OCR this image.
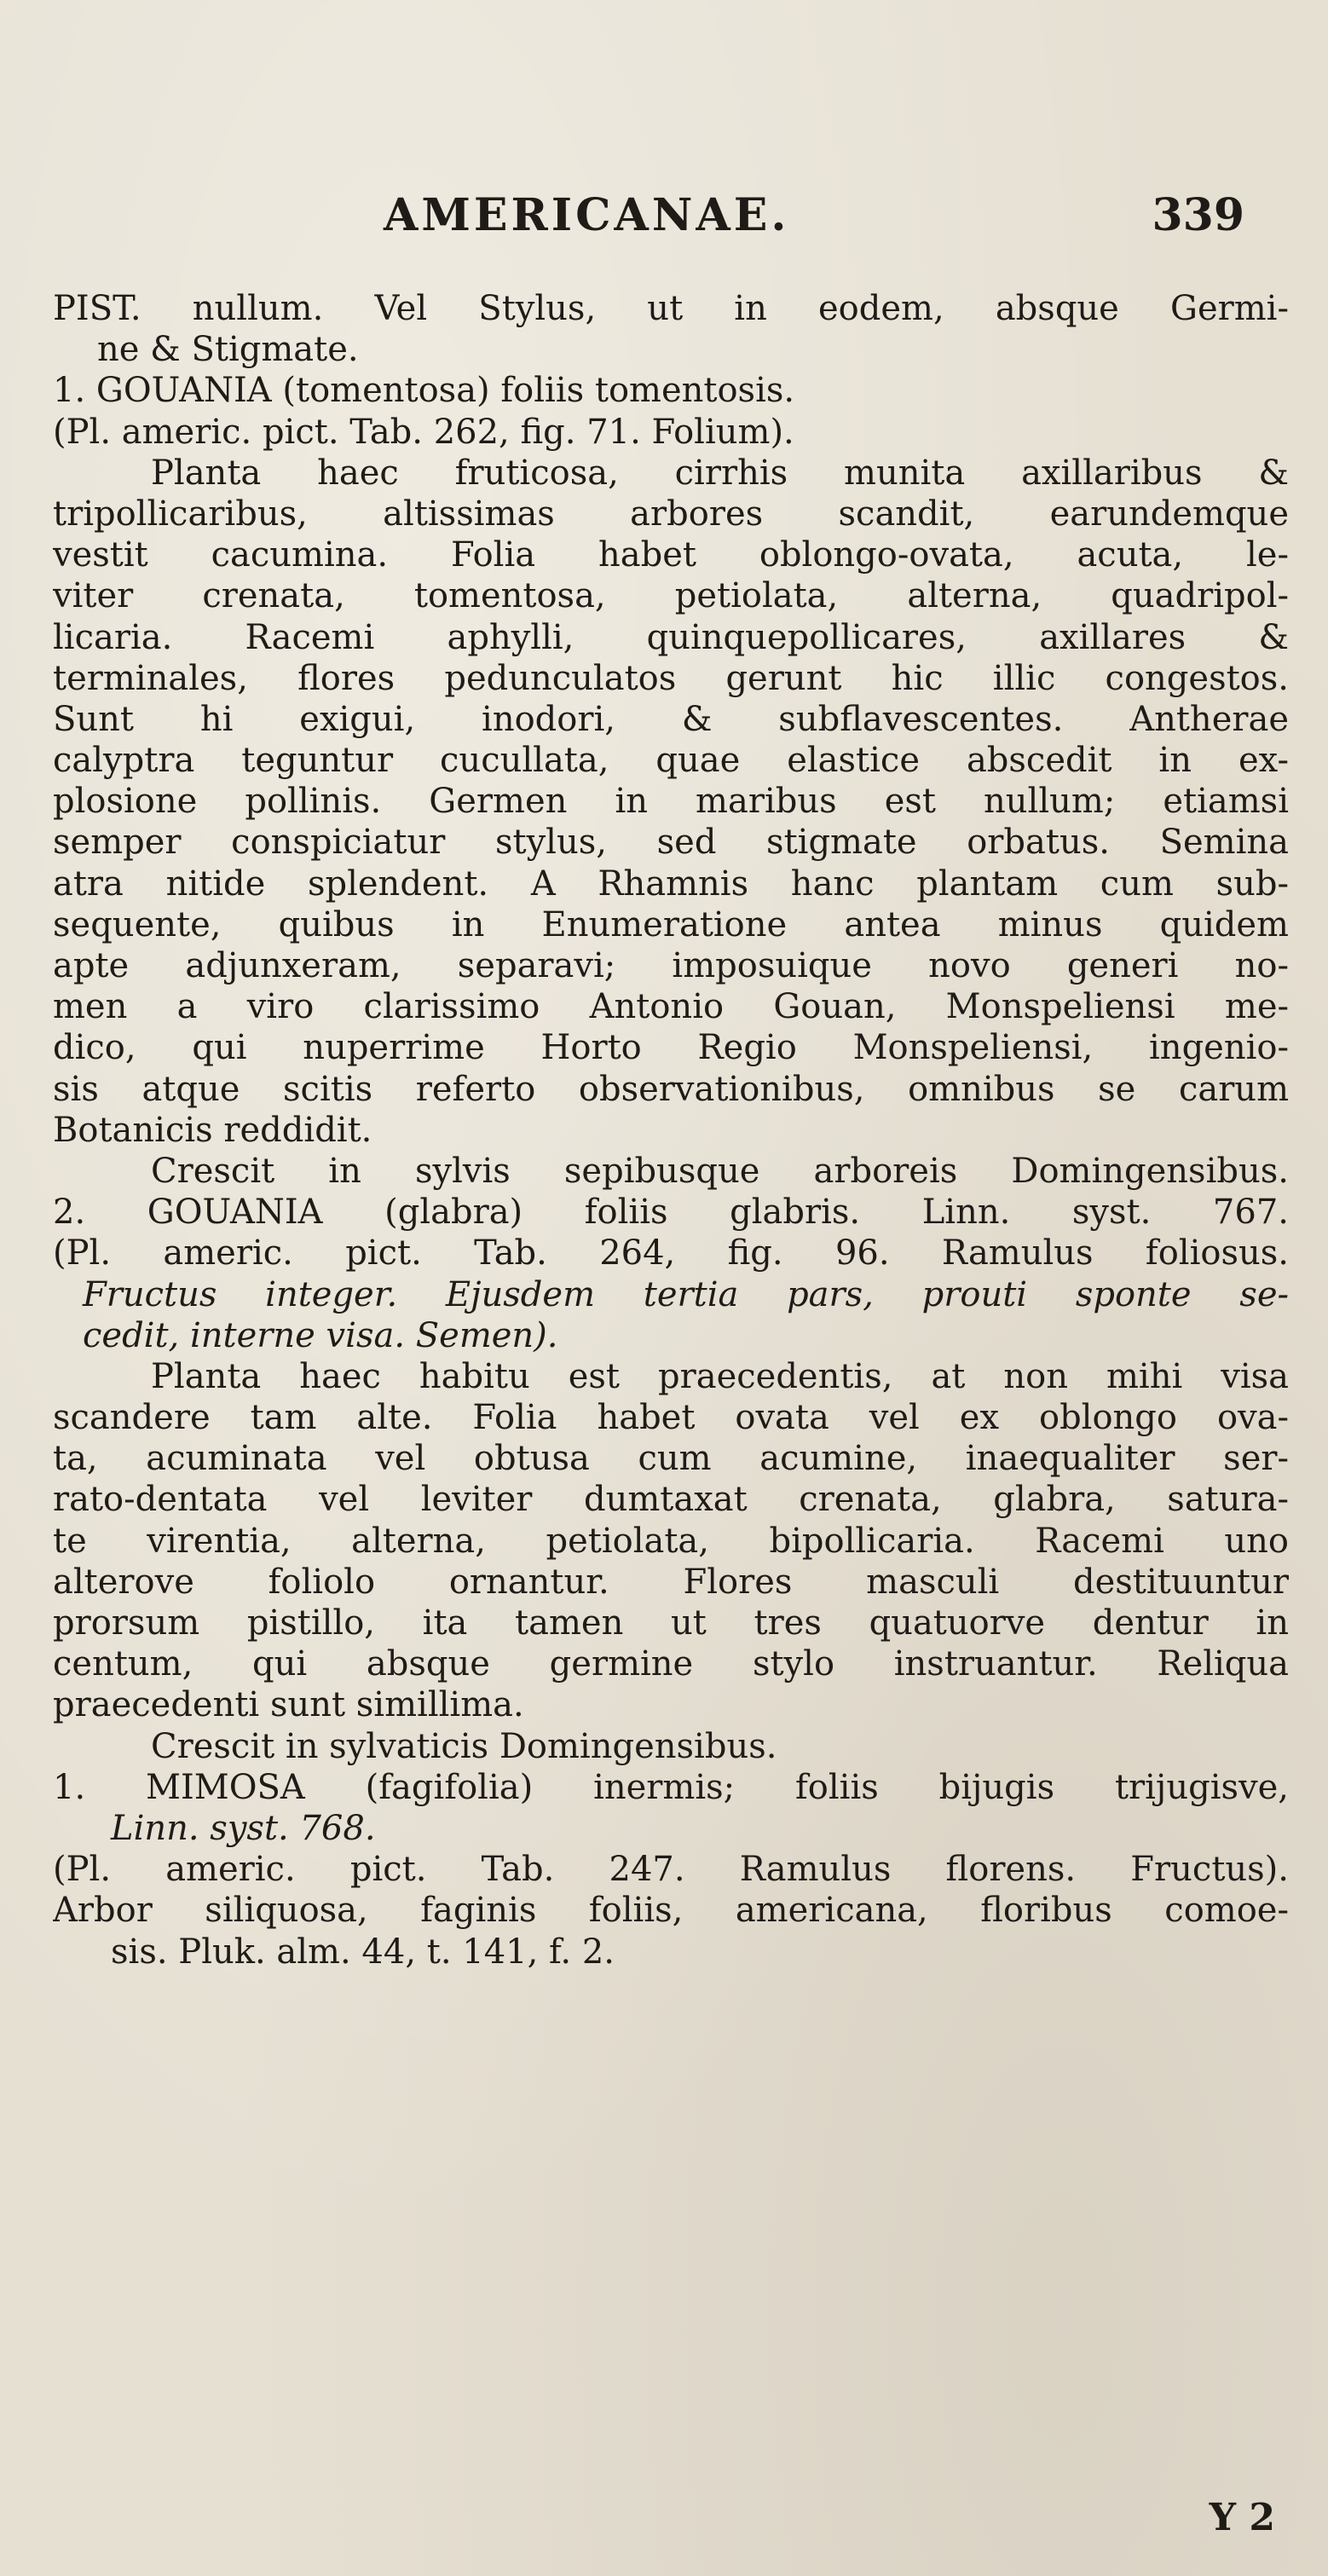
AMERICANAE.	339
PIST. nullum. Vel Stylus, ut in eodem, absque Germi-
ne & Stigmate.
1. GOUANIA (tomentosa) foliis tomentosis.
(Pl. americ. pict. Tab. 262, fig. 71. Folium).
Planta haec fruticosa, cirrhis munita axillaribus &
tripollicaribus, altissimas arbores scandit, earundemque
vestit cacumina. Folia habet oblongo-ovata, acuta, le-
viter crenata, tomentosa, petiolata, alterna, quadripol-
licaria. Racemi aphylli, quinquepollicares, axillares &
terminales, flores pedunculatos gerunt hic illic congestos.
Sunt hi exigui, inodori, & subflavescentes. Antherae
calyptra teguntur cucullata, quae elastice abscedit in ex-
plosione pollinis. Germen in maribus est nullum; etiamsi
semper conspiciatur stylus, sed stigmate orbatus. Semina
atra nitide splendent. A Rhamnis hanc plantam cum sub-
sequente, quibus in Enumeratione antea minus quidem
apte adjunxeram, separavi; imposuique novo generi no-
men a viro clarissimo Antonio Gouan, Monspeliensi me-
dico, qui nuperrime Horto Regio Monspeliensi, ingenio-
sis atque scitis referto observationibus, omnibus se carum
Botanicis reddidit.
Crescit in sylvis sepibusque arboreis Domingensibus.
2. GOUANIA (glabra) foliis glabris. Linn. syst. 767.
(Pl. americ. pict. Tab. 264, fig. 96. Ramulus foliosus.
Fructus integer. Ejusdem tertia pars, prouti sponte se-
cedit, interne visa. Semen).
Planta haec habitu est praecedentis, at non mihi visa
scandere tam alte. Folia habet ovata vel ex oblongo ova-
ta, acuminata vel obtusa cum acumine, inaequaliter ser-
rato-dentata vel leviter dumtaxat crenata, glabra, satura-
te virentia, alterna, petiolata, bipollicaria. Racemi uno
alterove foliolo ornantur. Flores masculi destituuntur
prorsum pistillo, ita tamen ut tres quatuorve dentur in
centum, qui absque germine stylo instruantur. Reliqua
praecedenti sunt simillima.
Crescit in sylvaticis Domingensibus.
1. MIMOSA (fagifolia) inermis; foliis bijugis trijugisve,
Linn. syst. 768.
(Pl. americ. pict. Tab. 247. Ramulus florens. Fructus).
Arbor siliquosa, faginis foliis, americana, floribus comoe-
sis. Pluk. alm. 44, t. 141, f. 2.
Y 2
